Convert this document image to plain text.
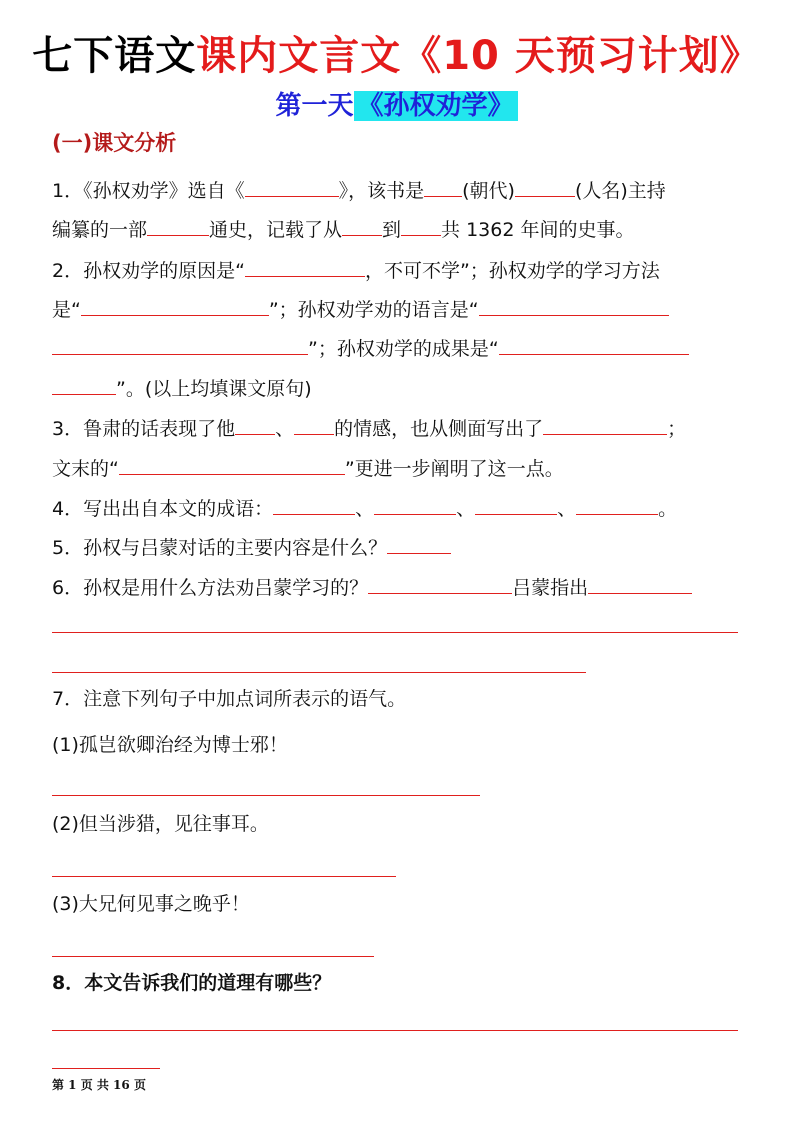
七下语文课内文言文《10 天预习计划》
第一天 《孙权劝学》
(一)课文分析
1．《孙权劝学》选自《	》，该书是 (朝代)	(人名)主持
编纂的一部	通史，记载了从 到 共 1362 年间的史事。
2．孙权劝学的原因是“	，不可不学”；孙权劝学的学习方法
是“	”；孙权劝学劝的语言是“
”；孙权劝学的成果是“
”。(以上均填课文原句)
3．鲁肃的话表现了他 、 的情感，也从侧面写出了	；
文末的“	”更进一步阐明了这一点。
4．写出出自本文的成语：	、	、	、	。
5．孙权与吕蒙对话的主要内容是什么？
6．孙权是用什么方法劝吕蒙学习的？	吕蒙指出
7．注意下列句子中加点词所表示的语气。
(1)孤岂欲卿治经为博士邪！
(2)但当涉猎，见往事耳。
(3)大兄何见事之晚乎！
8．本文告诉我们的道理有哪些？
第 1 页 共 16 页
